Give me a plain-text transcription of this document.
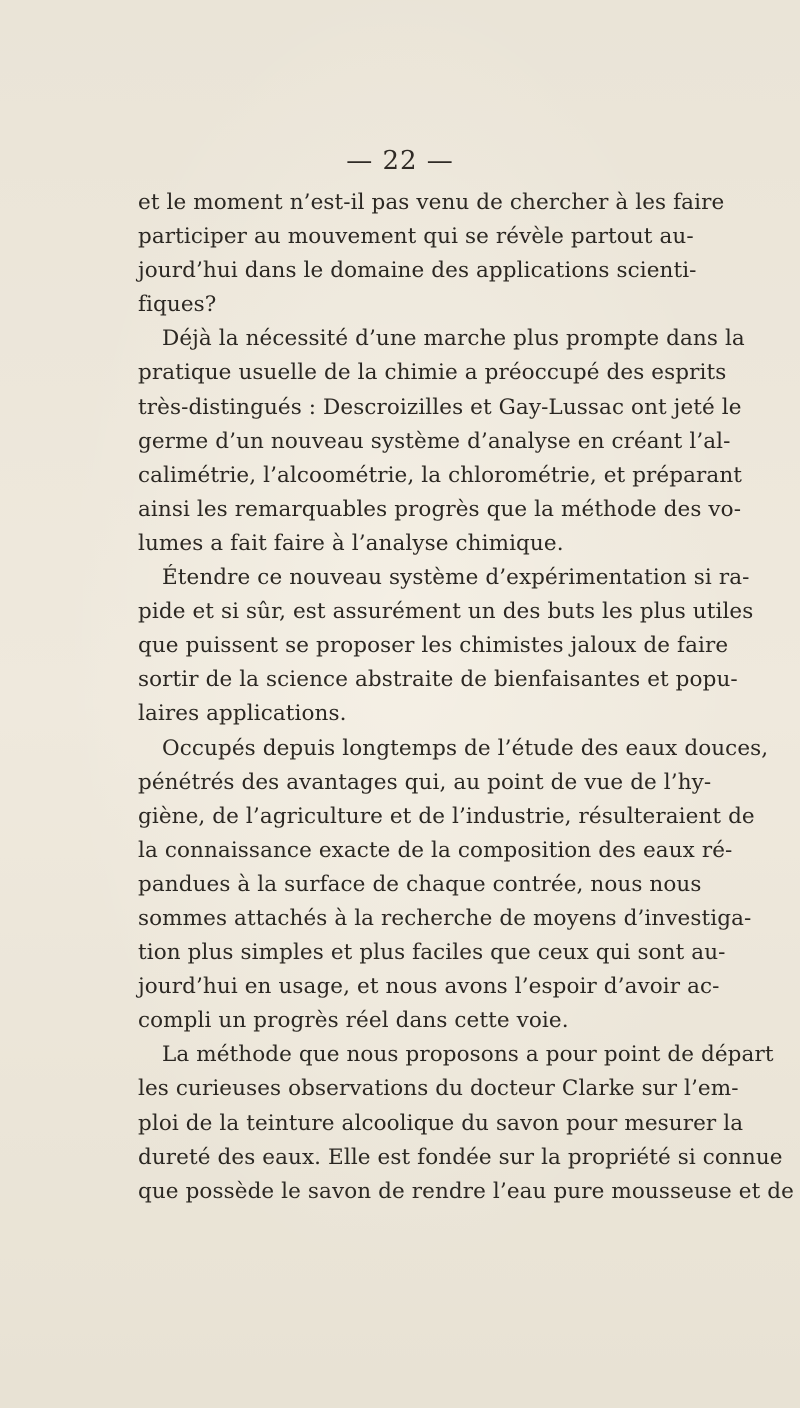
— 22 —
et le moment n’est-il pas venu de chercher à les faire
participer au mouvement qui se révèle partout au-
jourd’hui dans le domaine des applications scienti-
fiques?
Déjà la nécessité d’une marche plus prompte dans la
pratique usuelle de la chimie a préoccupé des esprits
très-distingués : Descroizilles et Gay-Lussac ont jeté le
germe d’un nouveau système d’analyse en créant l’al-
calimétrie, l’alcoométrie, la chlorométrie, et préparant
ainsi les remarquables progrès que la méthode des vo-
lumes a fait faire à l’analyse chimique.
Étendre ce nouveau système d’expérimentation si ra-
pide et si sûr, est assurément un des buts les plus utiles
que puissent se proposer les chimistes jaloux de faire
sortir de la science abstraite de bienfaisantes et popu-
laires applications.
Occupés depuis longtemps de l’étude des eaux douces,
pénétrés des avantages qui, au point de vue de l’hy-
giène, de l’agriculture et de l’industrie, résulteraient de
la connaissance exacte de la composition des eaux ré-
pandues à la surface de chaque contrée, nous nous
sommes attachés à la recherche de moyens d’investiga-
tion plus simples et plus faciles que ceux qui sont au-
jourd’hui en usage, et nous avons l’espoir d’avoir ac-
compli un progrès réel dans cette voie.
La méthode que nous proposons a pour point de départ
les curieuses observations du docteur Clarke sur l’em-
ploi de la teinture alcoolique du savon pour mesurer la
dureté des eaux. Elle est fondée sur la propriété si connue
que possède le savon de rendre l’eau pure mousseuse et de
